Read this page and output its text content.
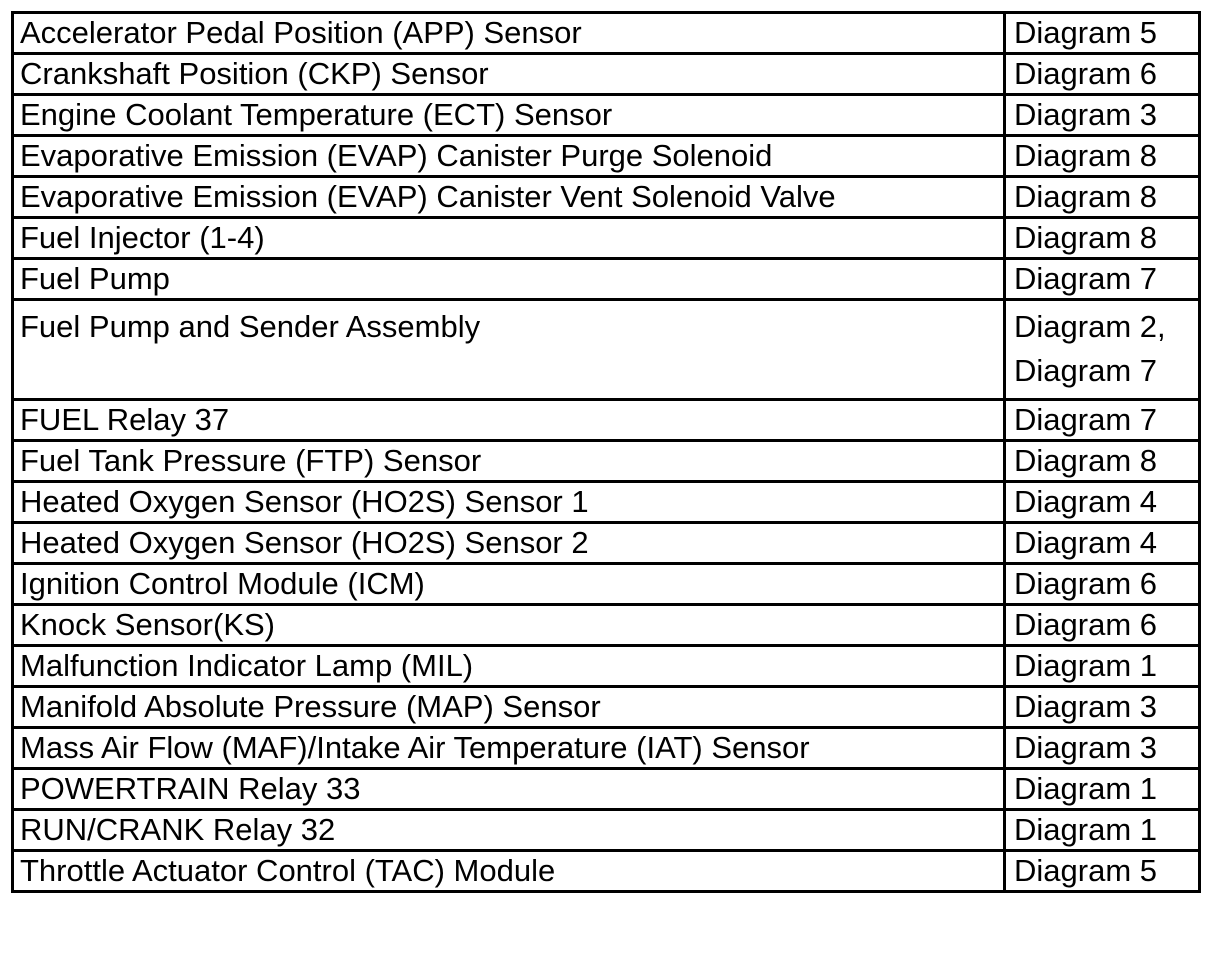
Accelerator Pedal Position (APP) Sensor	Diagram 5

Crankshaft Position (CKP) Sensor	Diagram 6

Engine Coolant Temperature (ECT) Sensor	Diagram 3

Evaporative Emission (EVAP) Canister Purge Solenoid	Diagram 8

Evaporative Emission (EVAP) Canister Vent Solenoid Valve	Diagram 8

Fuel Injector (1-4)	Diagram 8

Fuel Pump	Diagram 7

Fuel Pump and Sender Assembly	Diagram 2,
Diagram 7

FUEL Relay 37	Diagram 7

Fuel Tank Pressure (FTP) Sensor	Diagram 8

Heated Oxygen Sensor (HO2S) Sensor 1	Diagram 4

Heated Oxygen Sensor (HO2S) Sensor 2	Diagram 4

Ignition Control Module (ICM)	Diagram 6

Knock Sensor(KS)	Diagram 6

Malfunction Indicator Lamp (MIL)	Diagram 1

Manifold Absolute Pressure (MAP) Sensor	Diagram 3

Mass Air Flow (MAF)/Intake Air Temperature (IAT) Sensor	Diagram 3

POWERTRAIN Relay 33	Diagram 1

RUN/CRANK Relay 32	Diagram 1

Throttle Actuator Control (TAC) Module	Diagram 5
